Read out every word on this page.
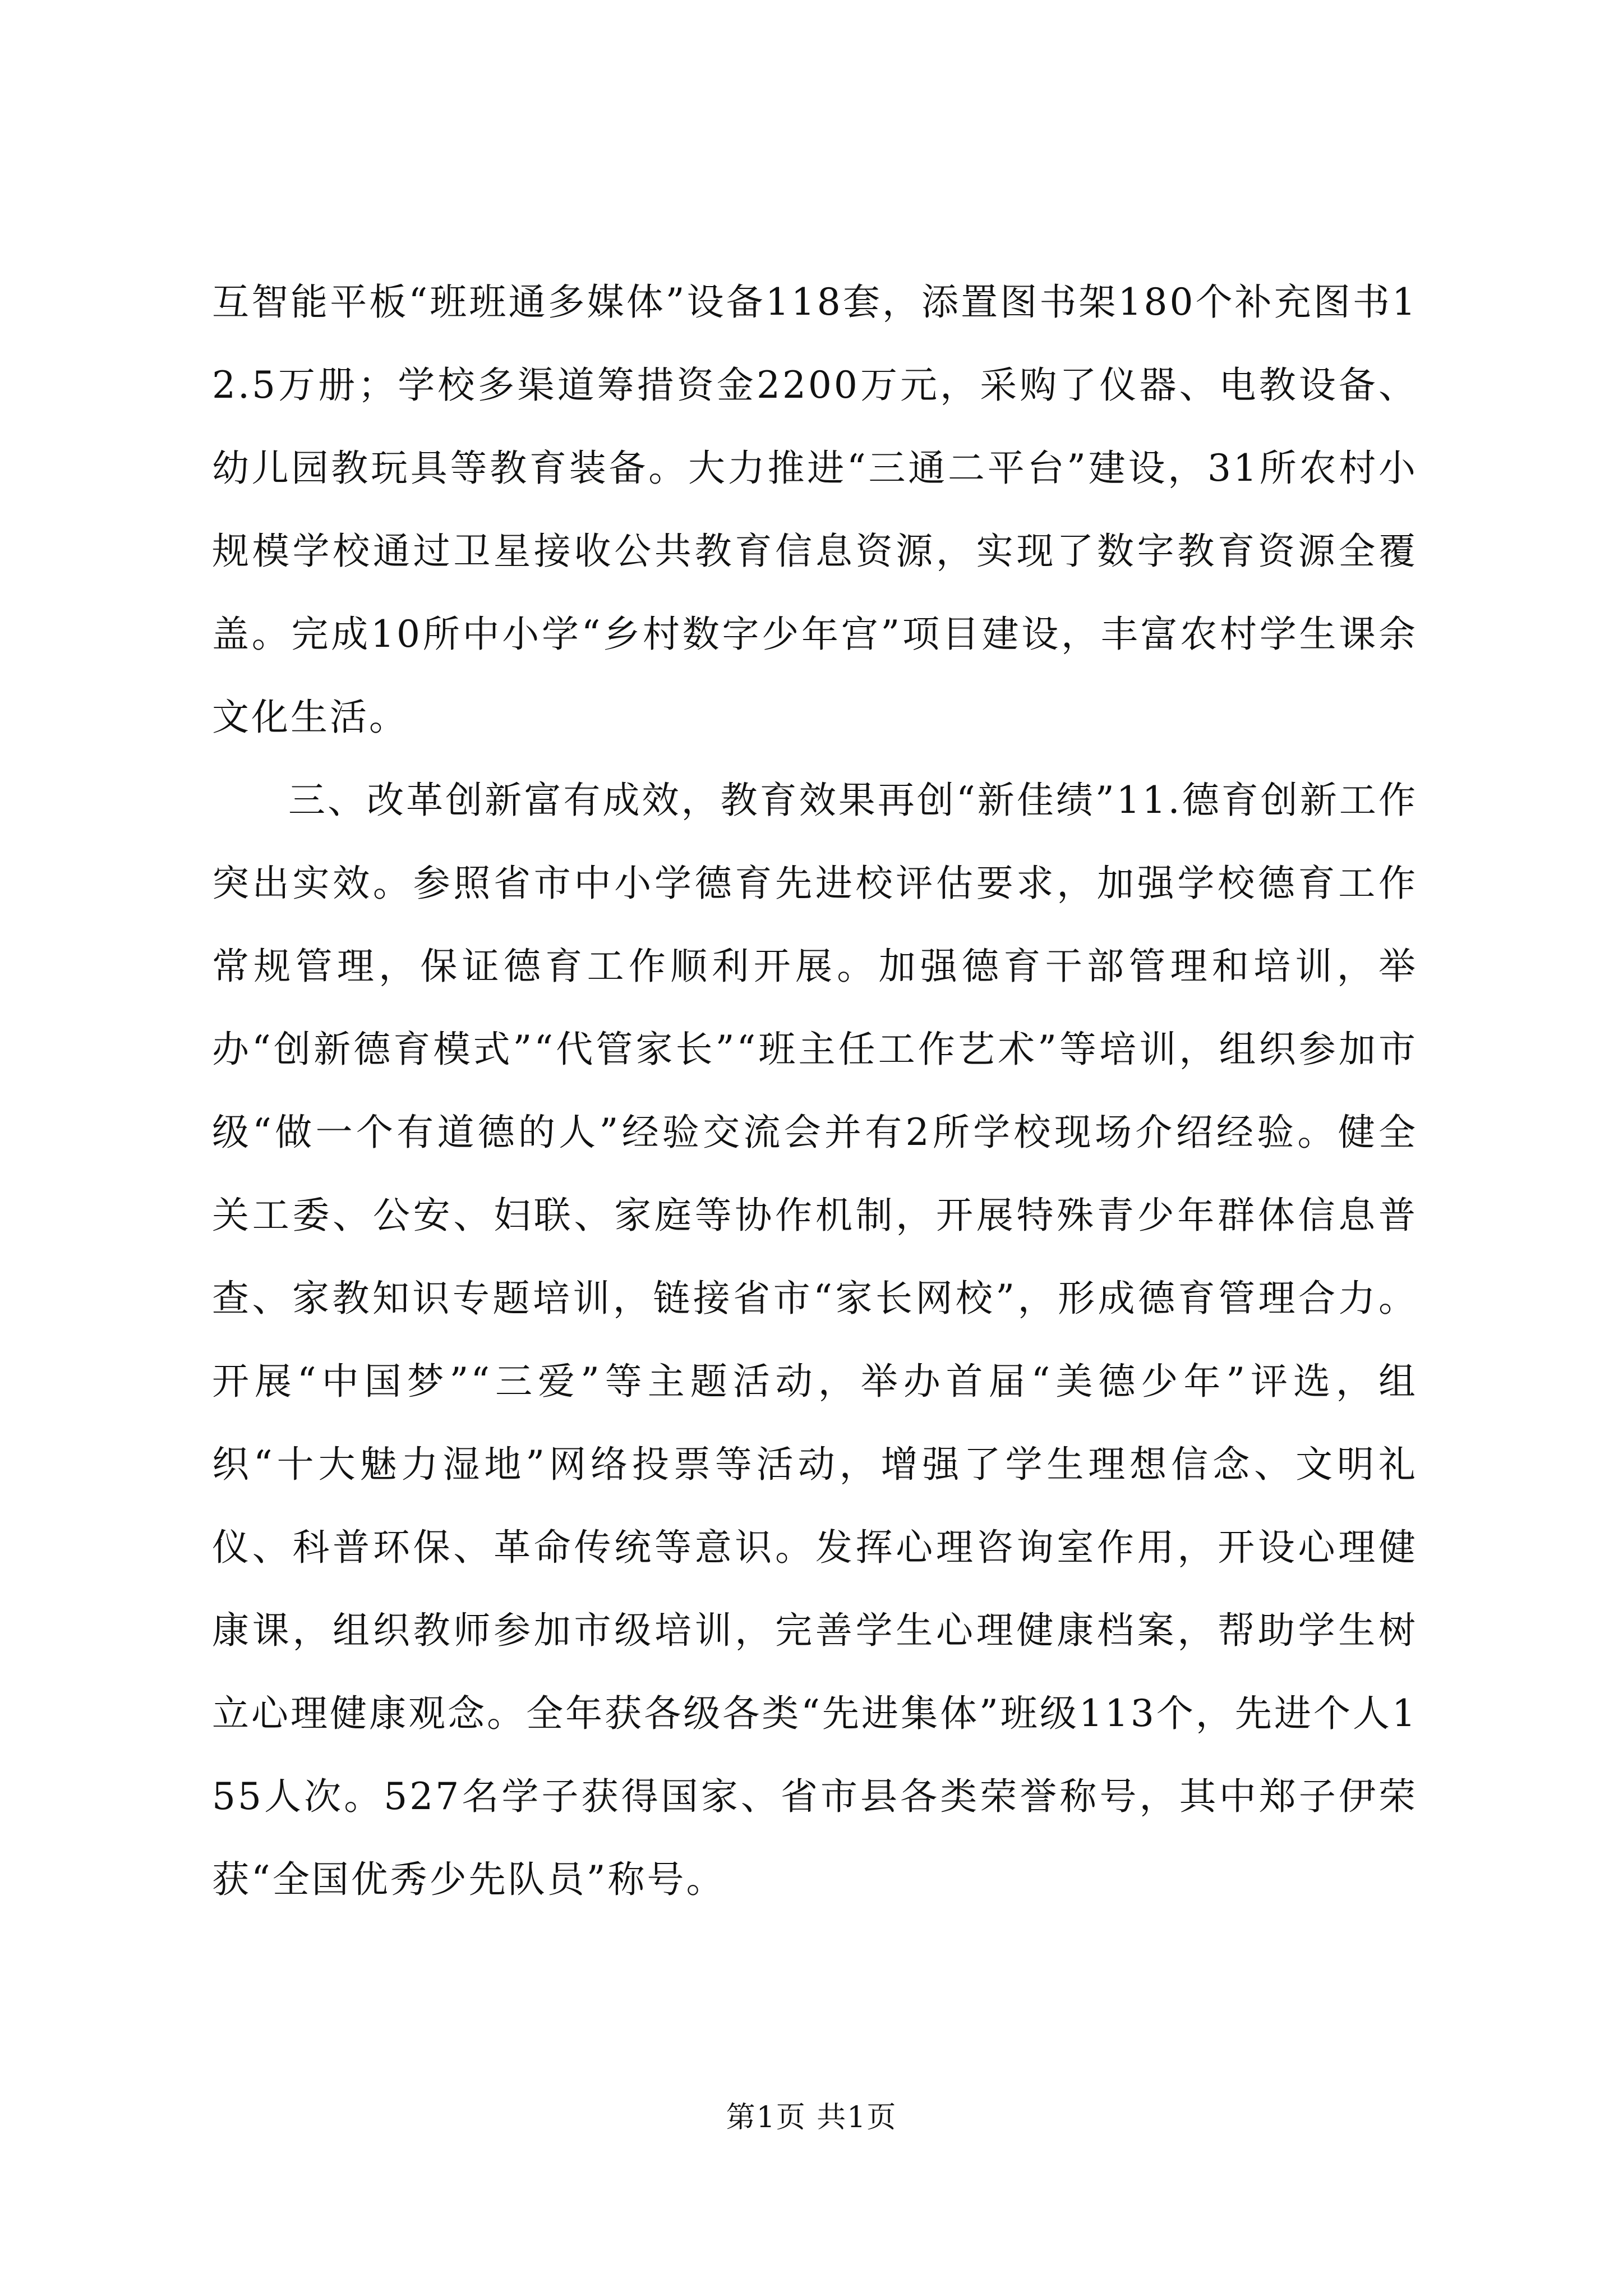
互智能平板“班班通多媒体”设备118套，添置图书架180个补充图书12.5万册；学校多渠道筹措资金2200万元，采购了仪器、电教设备、幼儿园教玩具等教育装备。大力推进“三通二平台”建设，31所农村小规模学校通过卫星接收公共教育信息资源，实现了数字教育资源全覆盖。完成10所中小学“乡村数字少年宫”项目建设，丰富农村学生课余文化生活。

三、改革创新富有成效，教育效果再创“新佳绩”11.德育创新工作突出实效。参照省市中小学德育先进校评估要求，加强学校德育工作常规管理，保证德育工作顺利开展。加强德育干部管理和培训，举办“创新德育模式”“代管家长”“班主任工作艺术”等培训，组织参加市级“做一个有道德的人”经验交流会并有2所学校现场介绍经验。健全关工委、公安、妇联、家庭等协作机制，开展特殊青少年群体信息普查、家教知识专题培训，链接省市“家长网校”，形成德育管理合力。开展“中国梦”“三爱”等主题活动，举办首届“美德少年”评选，组织“十大魅力湿地”网络投票等活动，增强了学生理想信念、文明礼仪、科普环保、革命传统等意识。发挥心理咨询室作用，开设心理健康课，组织教师参加市级培训，完善学生心理健康档案，帮助学生树立心理健康观念。全年获各级各类“先进集体”班级113个，先进个人155人次。527名学子获得国家、省市县各类荣誉称号，其中郑子伊荣获“全国优秀少先队员”称号。

第1页 共1页
